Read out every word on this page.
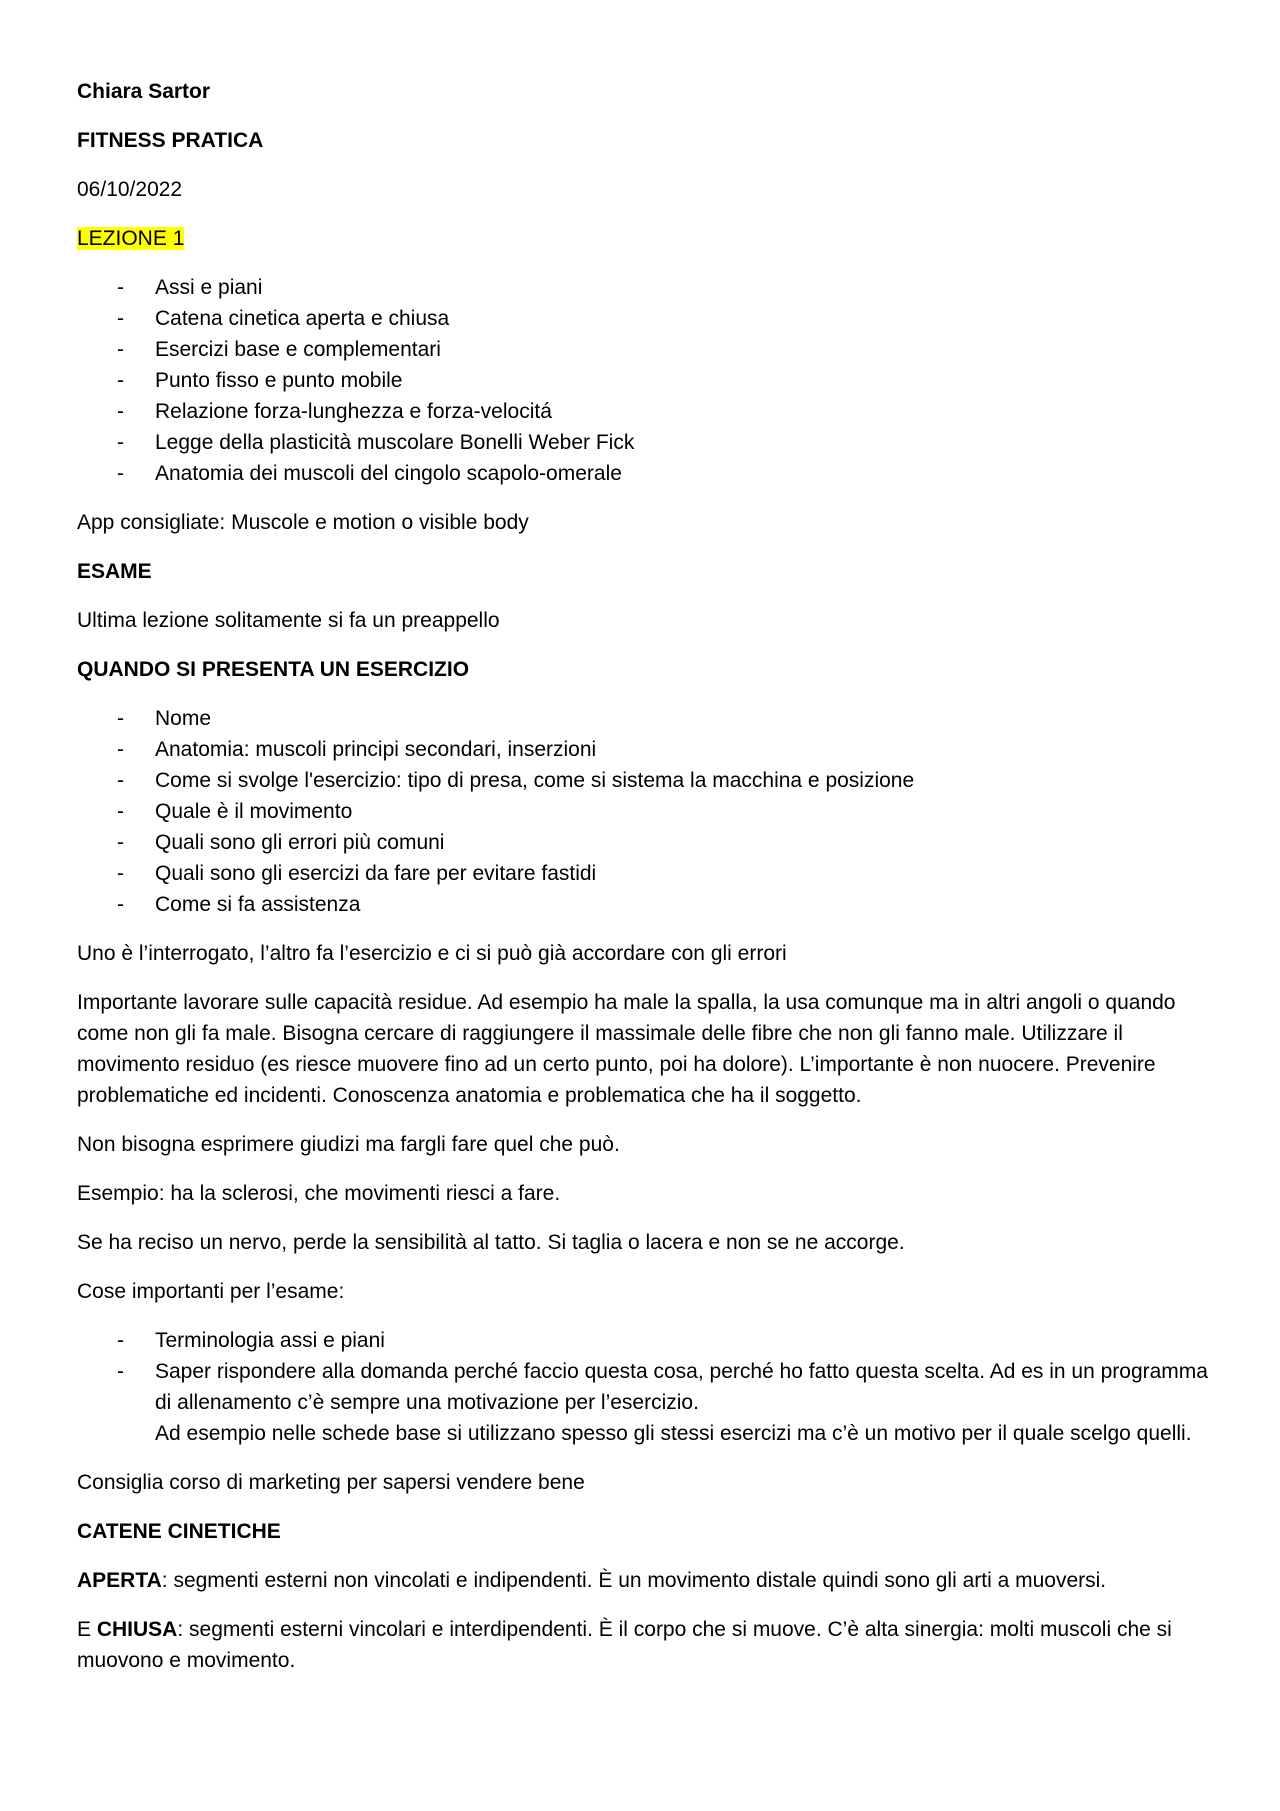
Chiara Sartor

FITNESS PRATICA

06/10/2022

LEZIONE 1

- Assi e piani
- Catena cinetica aperta e chiusa
- Esercizi base e complementari
- Punto fisso e punto mobile
- Relazione forza-lunghezza e forza-velocitá
- Legge della plasticità muscolare Bonelli Weber Fick
- Anatomia dei muscoli del cingolo scapolo-omerale

App consigliate: Muscole e motion o visible body

ESAME

Ultima lezione solitamente si fa un preappello

QUANDO SI PRESENTA UN ESERCIZIO

- Nome
- Anatomia: muscoli principi secondari, inserzioni
- Come si svolge l'esercizio: tipo di presa, come si sistema la macchina e posizione
- Quale è il movimento
- Quali sono gli errori più comuni
- Quali sono gli esercizi da fare per evitare fastidi
- Come si fa assistenza

Uno è l’interrogato, l’altro fa l’esercizio e ci si può già accordare con gli errori

Importante lavorare sulle capacità residue. Ad esempio ha male la spalla, la usa comunque ma in altri angoli o quando come non gli fa male. Bisogna cercare di raggiungere il massimale delle fibre che non gli fanno male. Utilizzare il movimento residuo (es riesce muovere fino ad un certo punto, poi ha dolore). L’importante è non nuocere. Prevenire problematiche ed incidenti. Conoscenza anatomia e problematica che ha il soggetto.

Non bisogna esprimere giudizi ma fargli fare quel che può.

Esempio: ha la sclerosi, che movimenti riesci a fare.

Se ha reciso un nervo, perde la sensibilità al tatto. Si taglia o lacera e non se ne accorge.

Cose importanti per l’esame:

- Terminologia assi e piani
- Saper rispondere alla domanda perché faccio questa cosa, perché ho fatto questa scelta. Ad es in un programma di allenamento c’è sempre una motivazione per l’esercizio.
Ad esempio nelle schede base si utilizzano spesso gli stessi esercizi ma c’è un motivo per il quale scelgo quelli.

Consiglia corso di marketing per sapersi vendere bene

CATENE CINETICHE

APERTA: segmenti esterni non vincolati e indipendenti. È un movimento distale quindi sono gli arti a muoversi.

E CHIUSA: segmenti esterni vincolari e interdipendenti. È il corpo che si muove. C’è alta sinergia: molti muscoli che si muovono e movimento.
